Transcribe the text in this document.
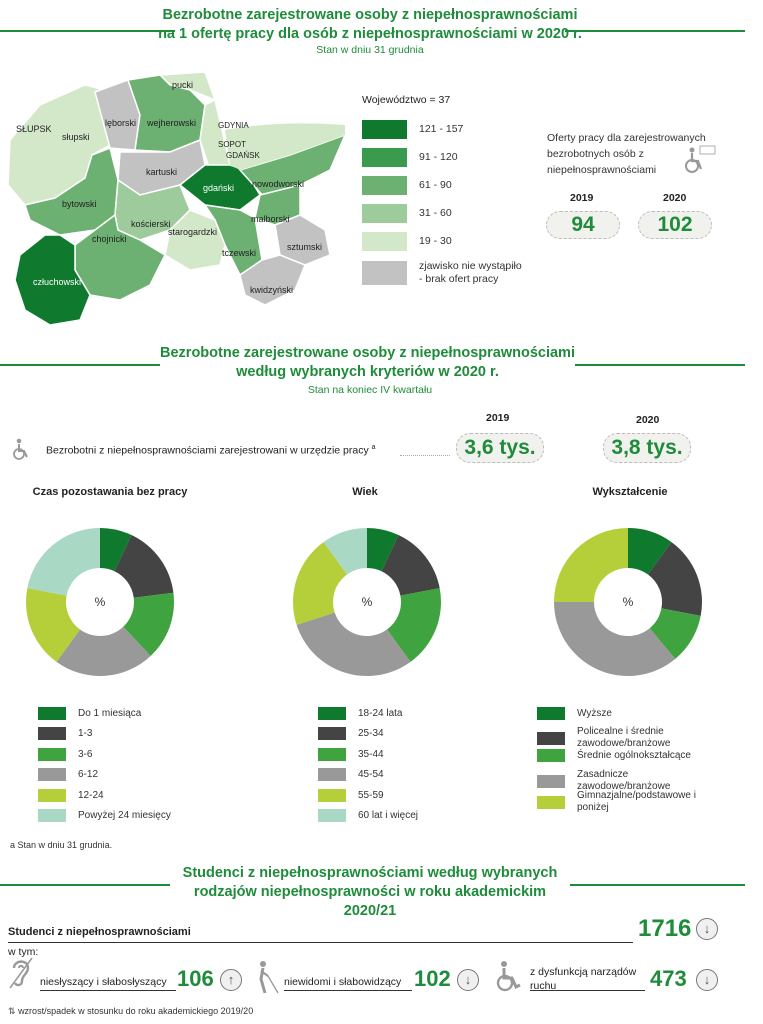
Bezrobotne zarejestrowane osoby z niepełnosprawnościami
na 1 ofertę pracy dla osób z niepełnosprawnościami w 2020 r.
Stan w dniu 31 grudnia
pucki
SŁUPSK
słupski
lęborski wejherowski	GDYNIA
SOPOT
GDAŃSK
kartuski
gdański nowodworski
bytowski
kościerski	malborski
chojnicki
starogardzki
tczewski
sztumski
człuchowski
kwidzyński
Województwo = 37
121 - 157
91 - 120
61 - 90
31 - 60
19 - 30
zjawisko nie wystąpiło
- brak ofert pracy
Oferty pracy dla zarejestrowanych bezrobotnych osób z niepełnosprawnościami
2019	2020
94	102
Bezrobotne zarejestrowane osoby z niepełnosprawnościami
według wybranych kryteriów w 2020 r.
Stan na koniec IV kwartału
2019	2020
Bezrobotni z niepełnosprawnościami zarejestrowani w urzędzie pracy $^a$	3,6 tys.	3,8 tys.
Czas pozostawania bez pracy	Wiek	Wykształcenie
%	%	%
Do 1 miesiąca
1-3
3-6
6-12
12-24
Powyżej 24 miesięcy
18-24 lata
25-34
35-44
45-54
55-59
60 lat i więcej
Wyższe
Policealne i średnie zawodowe/branżowe
Średnie ogólnokształcące
Zasadnicze zawodowe/branżowe
Gimnazjalne/podstawowe i poniżej
a Stan w dniu 31 grudnia.
Studenci z niepełnosprawnościami według wybranych
rodzajów niepełnosprawności w roku akademickim 2020/21
Studenci z niepełnosprawnościami	1716 ↓
w tym:
niesłyszący i słabosłyszący 106	↑	niewidomi i słabowidzący 102	↓	z dysfunkcją narządów ruchu	473	↓
⇅ wzrost/spadek w stosunku do roku akademickiego 2019/20
